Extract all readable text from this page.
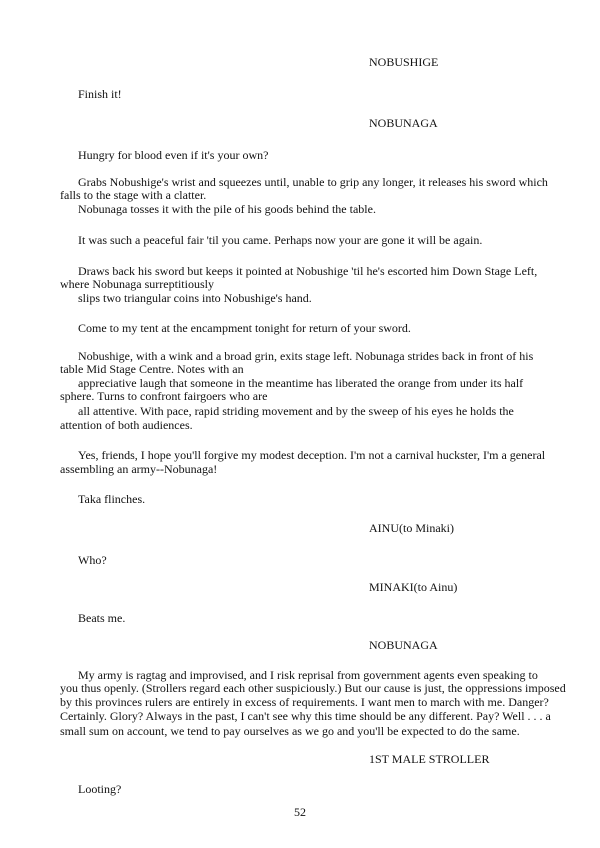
NOBUSHIGE
Finish it!
NOBUNAGA
Hungry for blood even if it's your own?
Grabs Nobushige's wrist and squeezes until, unable to grip any longer, it releases his sword which
falls to the stage with a clatter.
Nobunaga tosses it with the pile of his goods behind the table.
It was such a peaceful fair 'til you came. Perhaps now your are gone it will be again.
Draws back his sword but keeps it pointed at Nobushige 'til he's escorted him Down Stage Left,
where Nobunaga surreptitiously
slips two triangular coins into Nobushige's hand.
Come to my tent at the encampment tonight for return of your sword.
Nobushige, with a wink and a broad grin, exits stage left. Nobunaga strides back in front of his
table Mid Stage Centre. Notes with an
appreciative laugh that someone in the meantime has liberated the orange from under its half
sphere. Turns to confront fairgoers who are
all attentive. With pace, rapid striding movement and by the sweep of his eyes he holds the
attention of both audiences.
Yes, friends, I hope you'll forgive my modest deception. I'm not a carnival huckster, I'm a general
assembling an army--Nobunaga!
Taka flinches.
AINU(to Minaki)
Who?
MINAKI(to Ainu)
Beats me.
NOBUNAGA
My army is ragtag and improvised, and I risk reprisal from government agents even speaking to
you thus openly. (Strollers regard each other suspiciously.) But our cause is just, the oppressions imposed
by this provinces rulers are entirely in excess of requirements. I want men to march with me. Danger?
Certainly. Glory? Always in the past, I can't see why this time should be any different. Pay? Well . . . a
small sum on account, we tend to pay ourselves as we go and you'll be expected to do the same.
1ST MALE STROLLER
Looting?
52
